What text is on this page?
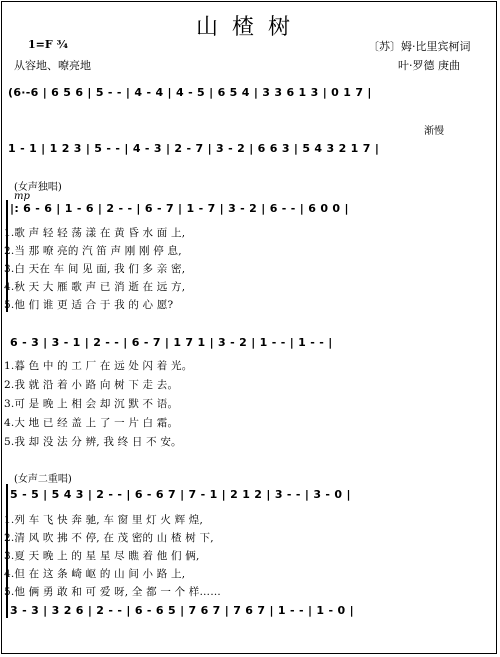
山楂树
1=F ¾
从容地、嘹亮地
〔苏〕姆·比里宾柯词
叶·罗德 庚曲
(6·-6 | 6 5 6 | 5 - - | 4 - 4 | 4 - 5 | 6 5 4 | 3 3 6 1 3 | 0 1 7 |
渐慢
1 - 1 | 1 2 3 | 5 - - | 4 - 3 | 2 - 7 | 3 - 2 | 6 6 3 | 5 4 3 2 1 7 |
(女声独唱)
mp
|: 6 - 6 | 1 - 6 | 2 - - | 6 - 7 | 1 - 7 | 3 - 2 | 6 - - | 6 0 0 |
1.歌 声 轻 轻 荡 漾 在 黄 昏 水 面 上,
2.当 那 嘹 亮的 汽 笛 声 刚 刚 停 息,
3.白 天在 车 间 见 面, 我 们 多 亲 密,
4.秋 天 大 雁 歌 声 已 消 逝 在 远 方,
5.他 们 谁 更 适 合 于 我 的 心 愿?
6 - 3 | 3 - 1 | 2 - - | 6 - 7 | 1 7 1 | 3 - 2 | 1 - - | 1 - - |
1.暮 色 中 的 工 厂 在 远 处 闪 着 光。
2.我 就 沿 着 小 路 向 树 下 走 去。
3.可 是 晚 上 相 会 却 沉 默 不 语。
4.大 地 已 经 盖 上 了 一 片 白 霜。
5.我 却 没 法 分 辨, 我 终 日 不 安。
(女声二重唱)
5 - 5 | 5 4 3 | 2 - - | 6 - 6 7 | 7 - 1 | 2 1 2 | 3 - - | 3 - 0 |
1.列 车 飞 快 奔 驰, 车 窗 里 灯 火 辉 煌,
2.清 风 吹 拂 不 停, 在 茂 密的 山 楂 树 下,
3.夏 天 晚 上 的 星 星 尽 瞧 着 他 们 俩,
4.但 在 这 条 崎 岖 的 山 间 小 路 上,
5.他 俩 勇 敢 和 可 爱 呀, 全 都 一 个 样……
3 - 3 | 3 2 6 | 2 - - | 6 - 6 5 | 7 6 7 | 7 6 7 | 1 - - | 1 - 0 |
